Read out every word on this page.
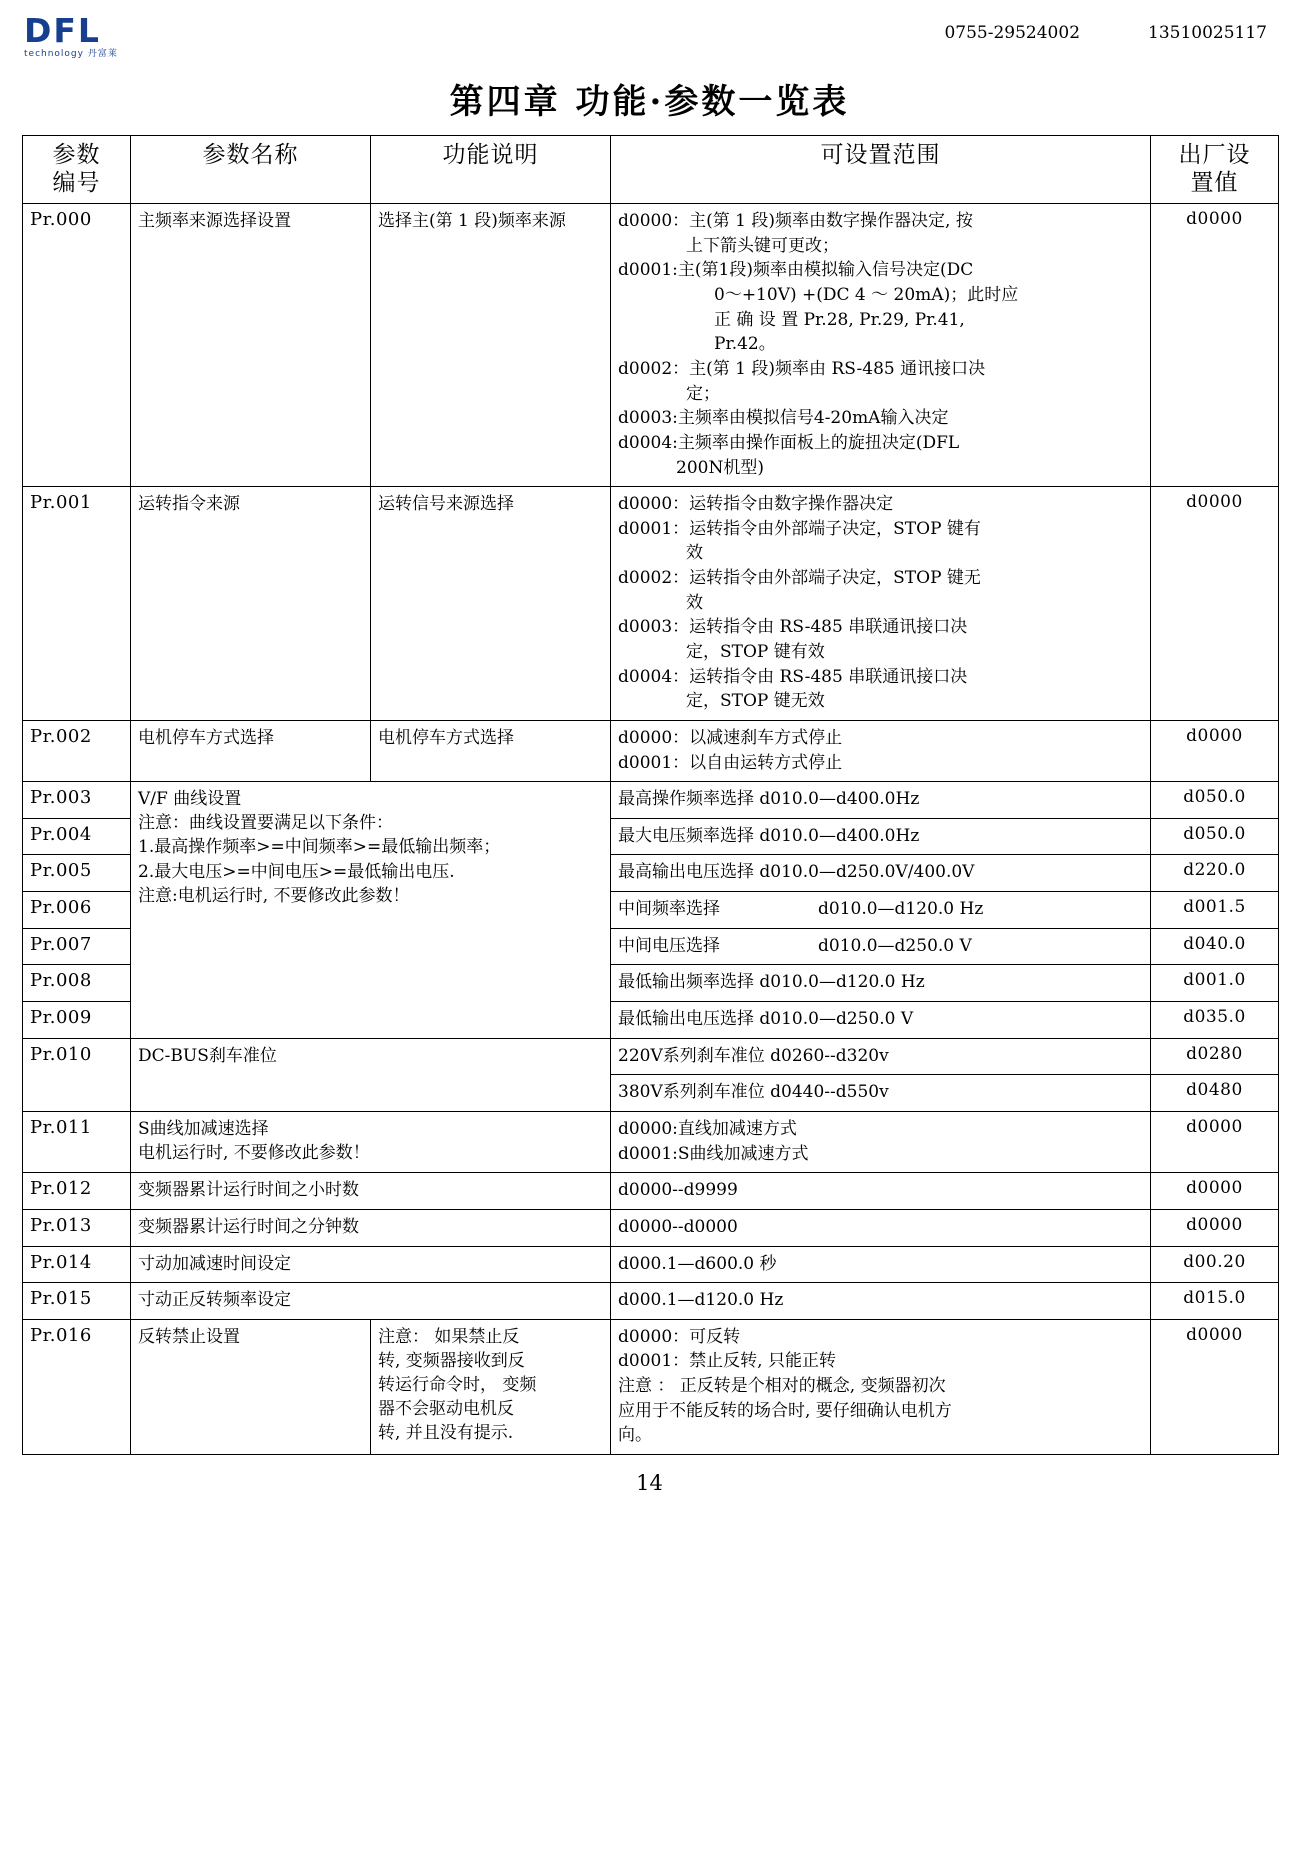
DFL
technology 丹富莱
0755-29524002	13510025117
第四章 功能·参数一览表
参数
编号	参数名称	功能说明	可设置范围	出厂设
置值
Pr.000	主频率来源选择设置	选择主(第 1 段)频率来源	d0000：主(第 1 段)频率由数字操作器决定, 按
上下箭头键可更改；
d0001:主(第1段)频率由模拟输入信号决定(DC
0～+10V) +(DC 4 ～ 20mA)；此时应
正 确 设 置 Pr.28, Pr.29, Pr.41,
Pr.42。
d0002：主(第 1 段)频率由 RS-485 通讯接口决
定；
d0003:主频率由模拟信号4-20mA输入决定
d0004:主频率由操作面板上的旋扭决定(DFL
200N机型)
	d0000
Pr.001	运转指令来源	运转信号来源选择	d0000：运转指令由数字操作器决定
d0001：运转指令由外部端子决定，STOP 键有
效
d0002：运转指令由外部端子决定，STOP 键无
效
d0003：运转指令由 RS-485 串联通讯接口决
定，STOP 键有效
d0004：运转指令由 RS-485 串联通讯接口决
定，STOP 键无效
	d0000
Pr.002	电机停车方式选择	电机停车方式选择	d0000：以减速刹车方式停止
d0001：以自由运转方式停止	d0000
Pr.003	V/F 曲线设置
注意：曲线设置要满足以下条件：
1.最高操作频率>=中间频率>=最低输出频率；
2.最大电压>=中间电压>=最低输出电压.
注意:电机运行时, 不要修改此参数！		最高操作频率选择 d010.0—d400.0Hz	d050.0
Pr.004			最大电压频率选择 d010.0—d400.0Hz	d050.0
Pr.005			最高输出电压选择 d010.0—d250.0V/400.0V	d220.0
Pr.006			中间频率选择 d010.0—d120.0 Hz	d001.5
Pr.007			中间电压选择 d010.0—d250.0 V	d040.0
Pr.008			最低输出频率选择 d010.0—d120.0 Hz	d001.0
Pr.009			最低输出电压选择 d010.0—d250.0 V	d035.0
Pr.010	DC-BUS刹车准位		220V系列刹车准位 d0260--d320v	d0280
			380V系列刹车准位 d0440--d550v	d0480
Pr.011	S曲线加减速选择
电机运行时, 不要修改此参数！		d0000:直线加减速方式
d0001:S曲线加减速方式	d0000
Pr.012	变频器累计运行时间之小时数		d0000--d9999	d0000
Pr.013	变频器累计运行时间之分钟数		d0000--d0000	d0000
Pr.014	寸动加减速时间设定		d000.1—d600.0 秒	d00.20
Pr.015	寸动正反转频率设定		d000.1—d120.0 Hz	d015.0
Pr.016	反转禁止设置	注意： 如果禁止反
转, 变频器接收到反
转运行命令时， 变频
器不会驱动电机反
转, 并且没有提示.	d0000：可反转
d0001：禁止反转, 只能正转
注意 ： 正反转是个相对的概念, 变频器初次
应用于不能反转的场合时, 要仔细确认电机方
向。	d0000
14
